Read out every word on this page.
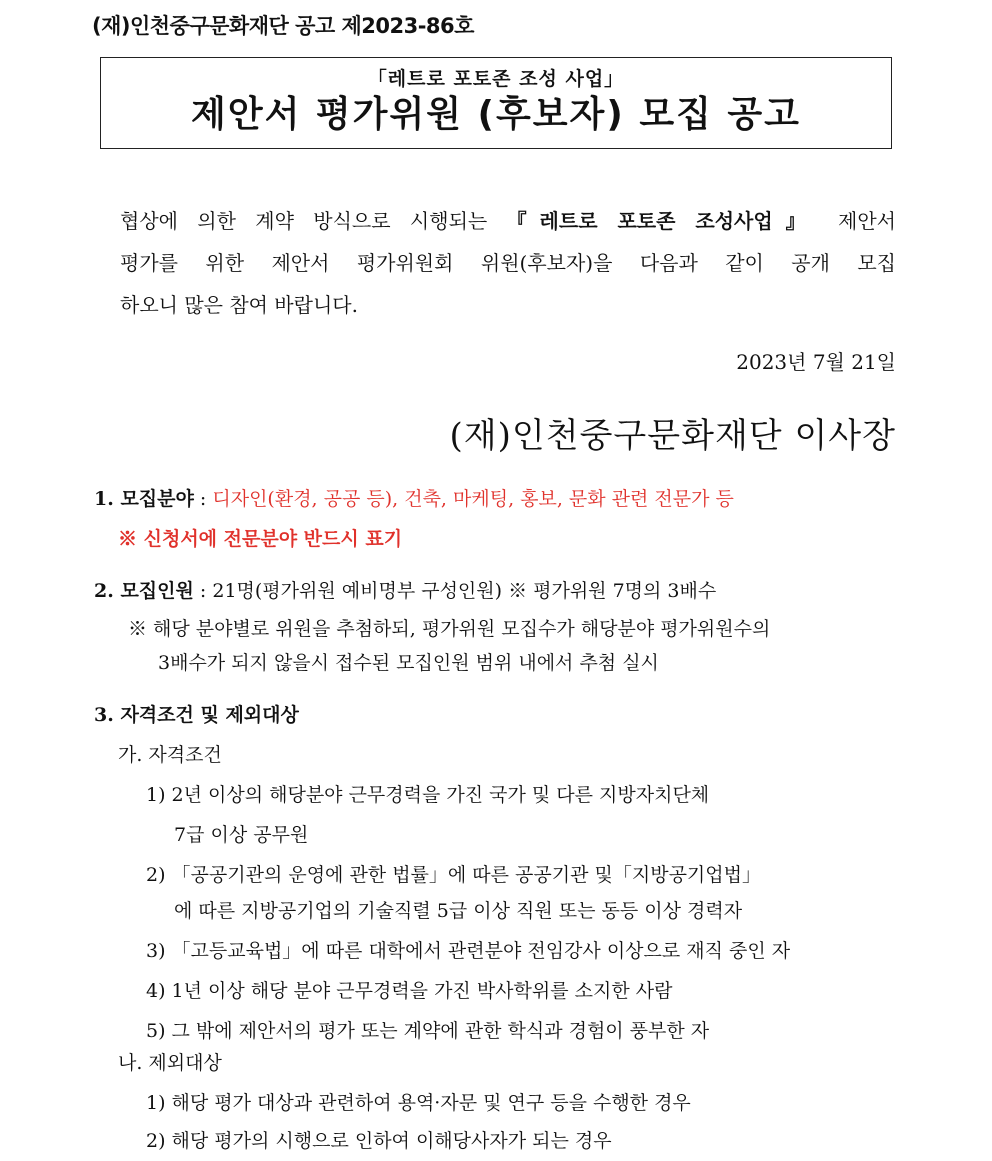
(재)인천중구문화재단 공고 제2023-86호
「레트로 포토존 조성 사업」
제안서 평가위원 (후보자) 모집 공고
협상에 의한 계약 방식으로 시행되는 『레트로 포토존 조성사업』 제안서
평가를 위한 제안서 평가위원회 위원(후보자)을 다음과 같이 공개 모집
하오니 많은 참여 바랍니다.
2023년 7월 21일
(재)인천중구문화재단 이사장
1. 모집분야 : 디자인(환경, 공공 등), 건축, 마케팅, 홍보, 문화 관련 전문가 등
※ 신청서에 전문분야 반드시 표기
2. 모집인원 : 21명(평가위원 예비명부 구성인원) ※ 평가위원 7명의 3배수
※ 해당 분야별로 위원을 추첨하되, 평가위원 모집수가 해당분야 평가위원수의
3배수가 되지 않을시 접수된 모집인원 범위 내에서 추첨 실시
3. 자격조건 및 제외대상
가. 자격조건
1) 2년 이상의 해당분야 근무경력을 가진 국가 및 다른 지방자치단체
7급 이상 공무원
2) 「공공기관의 운영에 관한 법률」에 따른 공공기관 및「지방공기업법」
에 따른 지방공기업의 기술직렬 5급 이상 직원 또는 동등 이상 경력자
3) 「고등교육법」에 따른 대학에서 관련분야 전임강사 이상으로 재직 중인 자
4) 1년 이상 해당 분야 근무경력을 가진 박사학위를 소지한 사람
5) 그 밖에 제안서의 평가 또는 계약에 관한 학식과 경험이 풍부한 자
나. 제외대상
1) 해당 평가 대상과 관련하여 용역·자문 및 연구 등을 수행한 경우
2) 해당 평가의 시행으로 인하여 이해당사자가 되는 경우
